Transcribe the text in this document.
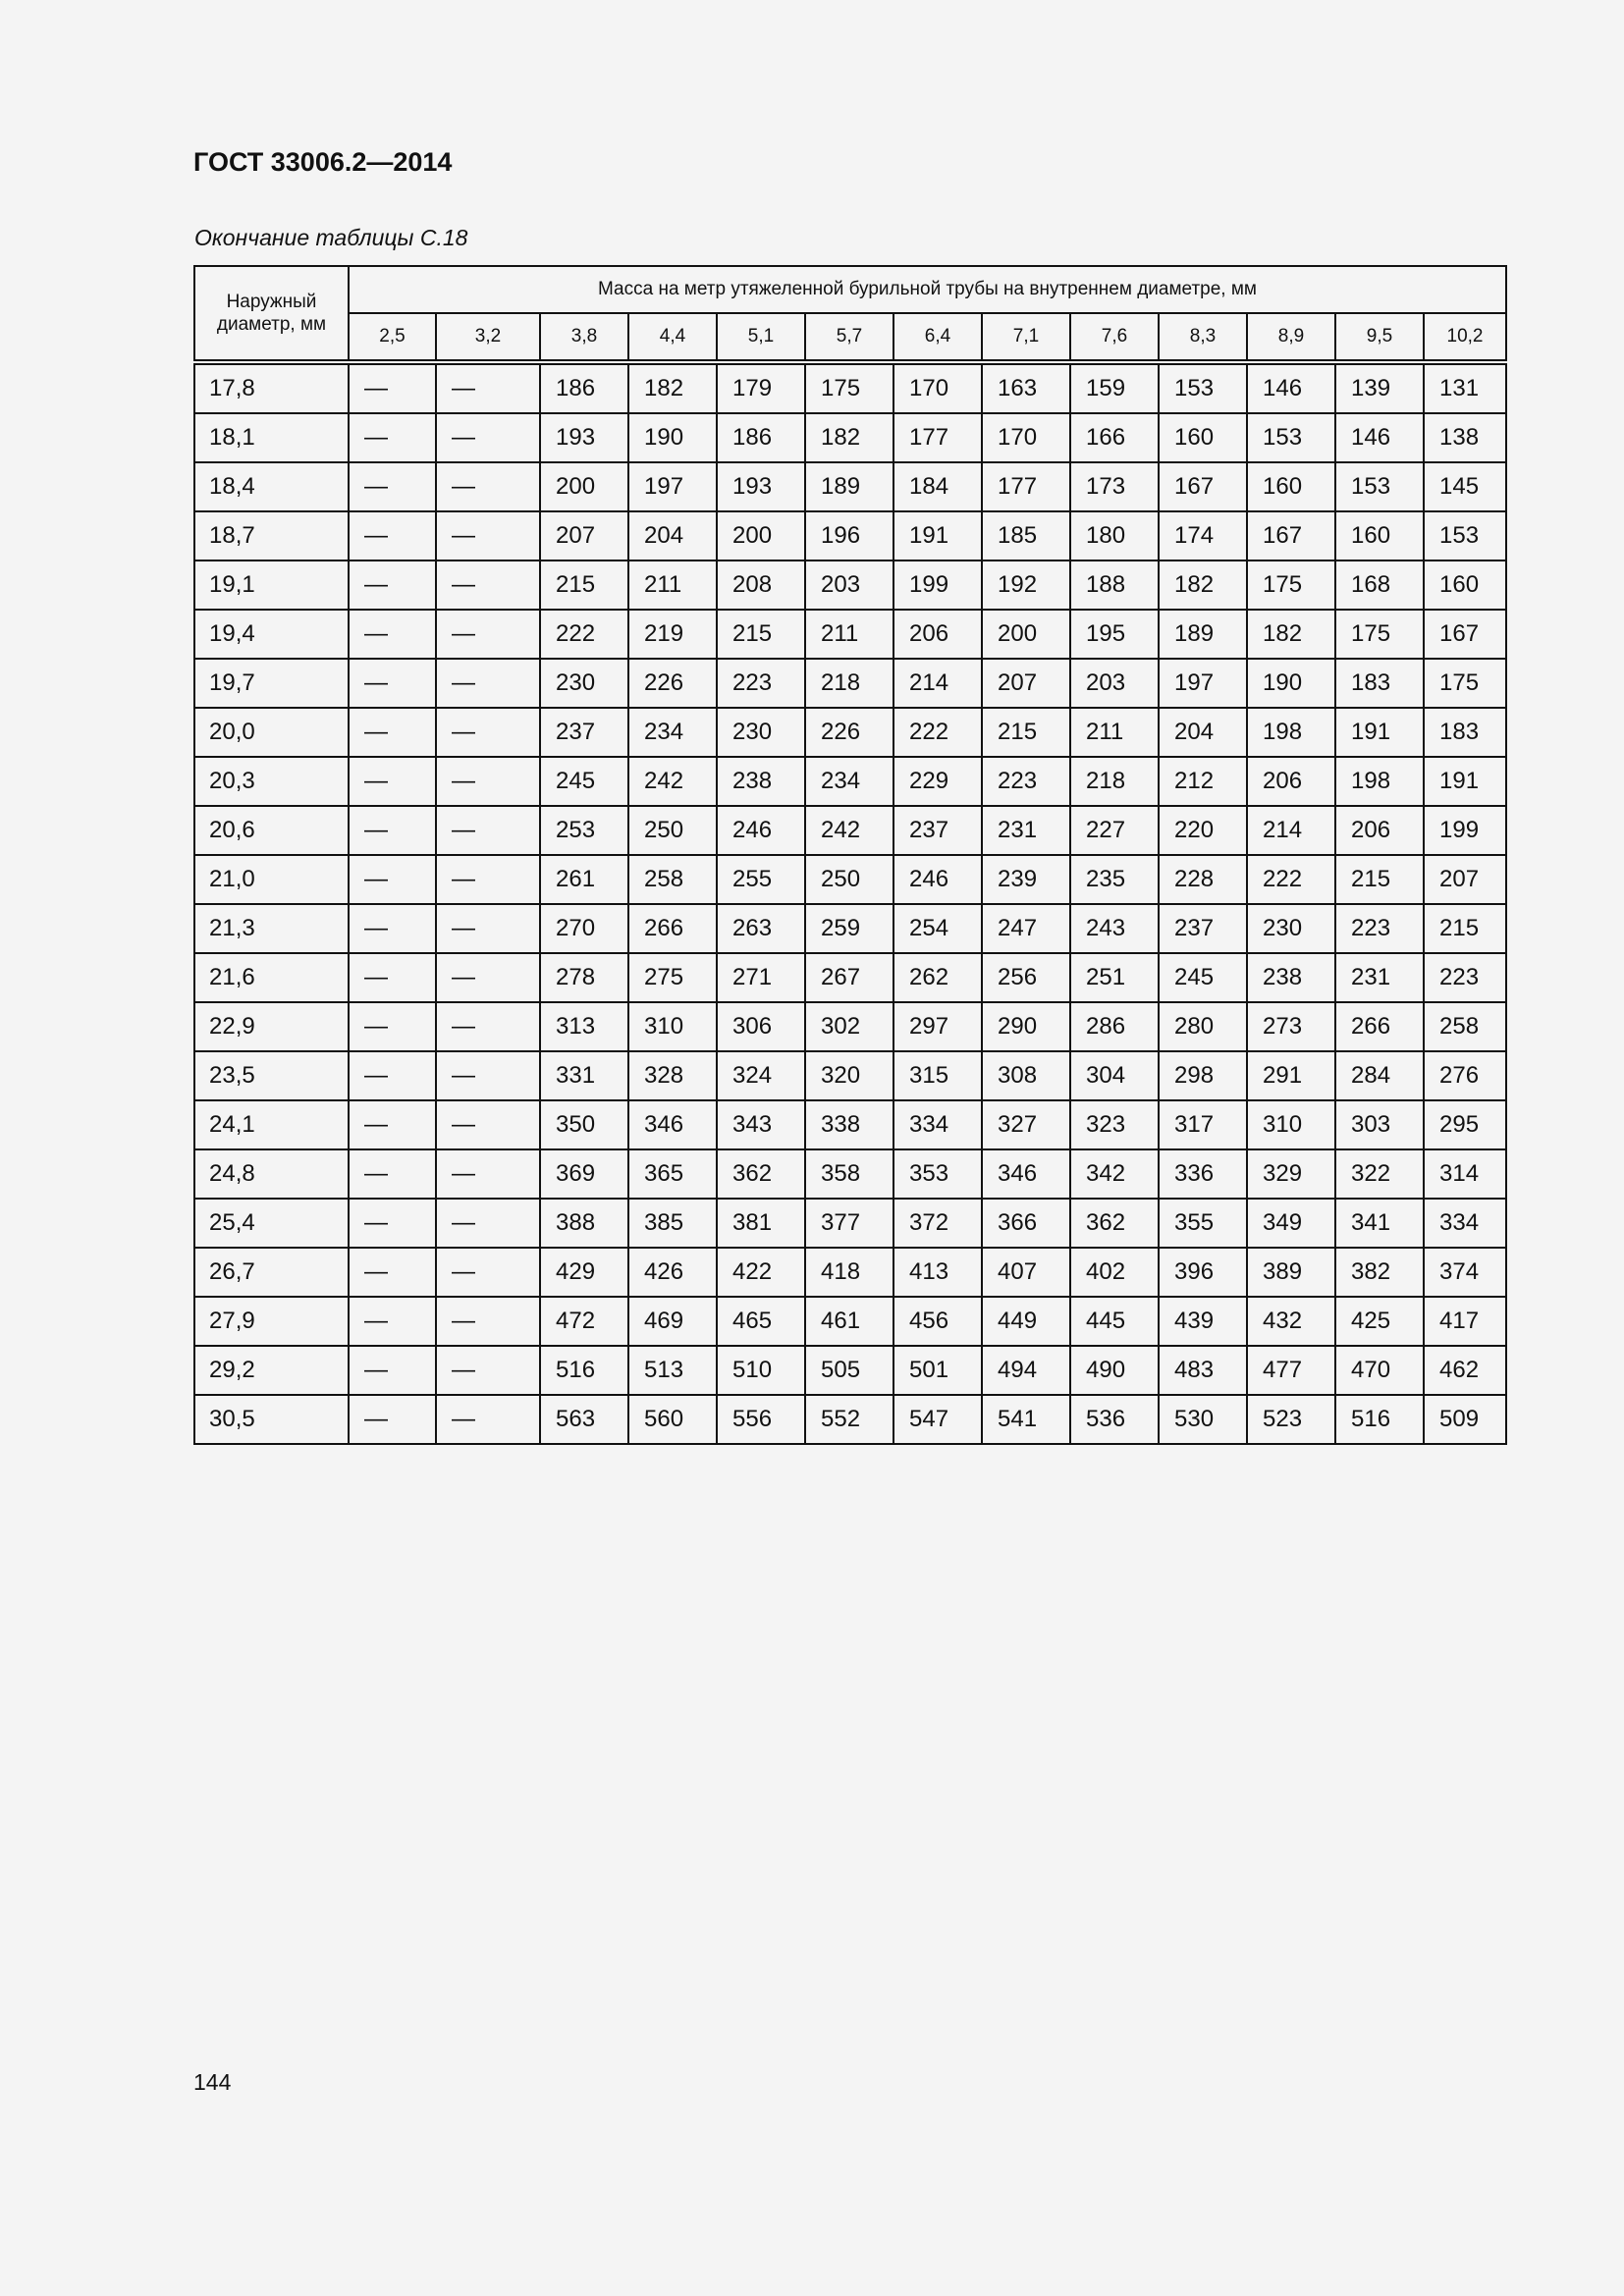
ГОСТ 33006.2—2014
Окончание таблицы С.18
Наружный диаметр, мм	Масса на метр утяжеленной бурильной трубы на внутреннем диаметре, мм												
	2,5	3,2	3,8	4,4	5,1	5,7	6,4	7,1	7,6	8,3	8,9	9,5	10,2
17,8	—	—	186	182	179	175	170	163	159	153	146	139	131
18,1	—	—	193	190	186	182	177	170	166	160	153	146	138
18,4	—	—	200	197	193	189	184	177	173	167	160	153	145
18,7	—	—	207	204	200	196	191	185	180	174	167	160	153
19,1	—	—	215	211	208	203	199	192	188	182	175	168	160
19,4	—	—	222	219	215	211	206	200	195	189	182	175	167
19,7	—	—	230	226	223	218	214	207	203	197	190	183	175
20,0	—	—	237	234	230	226	222	215	211	204	198	191	183
20,3	—	—	245	242	238	234	229	223	218	212	206	198	191
20,6	—	—	253	250	246	242	237	231	227	220	214	206	199
21,0	—	—	261	258	255	250	246	239	235	228	222	215	207
21,3	—	—	270	266	263	259	254	247	243	237	230	223	215
21,6	—	—	278	275	271	267	262	256	251	245	238	231	223
22,9	—	—	313	310	306	302	297	290	286	280	273	266	258
23,5	—	—	331	328	324	320	315	308	304	298	291	284	276
24,1	—	—	350	346	343	338	334	327	323	317	310	303	295
24,8	—	—	369	365	362	358	353	346	342	336	329	322	314
25,4	—	—	388	385	381	377	372	366	362	355	349	341	334
26,7	—	—	429	426	422	418	413	407	402	396	389	382	374
27,9	—	—	472	469	465	461	456	449	445	439	432	425	417
29,2	—	—	516	513	510	505	501	494	490	483	477	470	462
30,5	—	—	563	560	556	552	547	541	536	530	523	516	509
144
